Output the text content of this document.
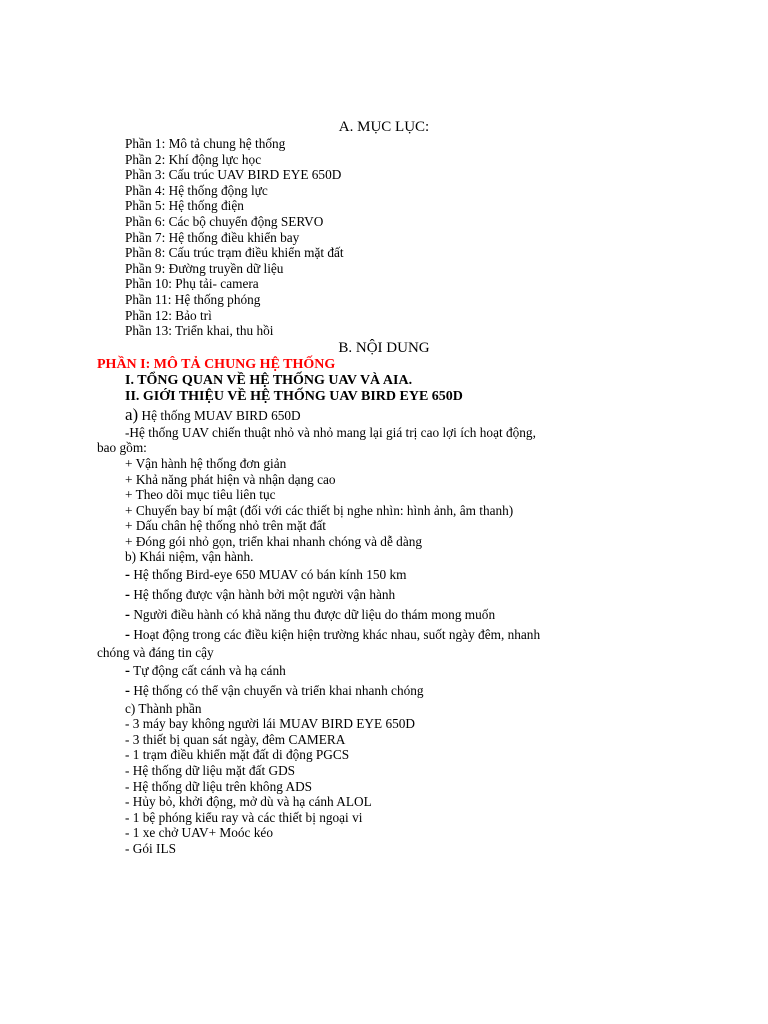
A. MỤC LỤC:
Phần 1: Mô tả chung hệ thống
Phần 2: Khí động lực học
Phần 3: Cấu trúc UAV BIRD EYE 650D
Phần 4: Hệ thống động lực
Phần 5: Hệ thống điện
Phần 6: Các bộ chuyển động SERVO
Phần 7: Hệ thống điều khiển bay
Phần 8: Cấu trúc trạm điều khiển mặt đất
Phần 9: Đường truyền dữ liệu
Phần 10: Phụ tải- camera
Phần 11: Hệ thống phóng
Phần 12: Bảo trì
Phần 13: Triển khai, thu hồi
B. NỘI DUNG
PHẦN I: MÔ TẢ CHUNG HỆ THỐNG
I. TỔNG QUAN VỀ HỆ THỐNG UAV VÀ AIA.
II. GIỚI THIỆU VỀ HỆ THỐNG UAV BIRD EYE 650D
a) Hệ thống MUAV BIRD 650D
-Hệ thống UAV chiến thuật nhỏ và nhỏ mang lại giá trị cao lợi ích hoạt động,
bao gồm:
+ Vận hành hệ thống đơn giản
+ Khả năng phát hiện và nhận dạng cao
+ Theo dõi mục tiêu liên tục
+ Chuyến bay bí mật (đối với các thiết bị nghe nhìn: hình ảnh, âm thanh)
+ Dấu chân hệ thống nhỏ trên mặt đất
+ Đóng gói nhỏ gọn, triển khai nhanh chóng và dễ dàng
b) Khái niệm, vận hành.
- Hệ thống Bird-eye 650 MUAV có bán kính 150 km
- Hệ thống được vận hành bởi một người vận hành
- Người điều hành có khả năng thu được dữ liệu do thám mong muốn
- Hoạt động trong các điều kiện hiện trường khác nhau, suốt ngày đêm, nhanh
chóng và đáng tin cậy
- Tự động cất cánh và hạ cánh
- Hệ thống có thể vận chuyển và triển khai nhanh chóng
c) Thành phần
- 3 máy bay không người lái MUAV BIRD EYE 650D
- 3 thiết bị quan sát ngày, đêm CAMERA
- 1 trạm điều khiển mặt đất di động PGCS
- Hệ thống dữ liệu mặt đất GDS
- Hệ thống dữ liệu trên không ADS
- Hủy bỏ, khởi động, mở dù và hạ cánh ALOL
- 1 bệ phóng kiểu ray và các thiết bị ngoại vi
- 1 xe chở UAV+ Moóc kéo
- Gói ILS
